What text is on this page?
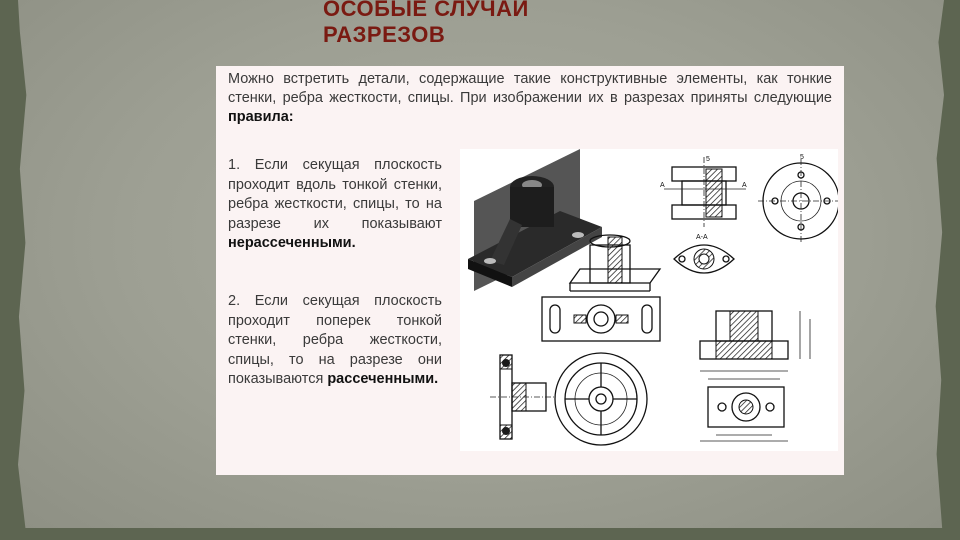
ОСОБЫЕ СЛУЧАИ
РАЗРЕЗОВ

Можно встретить детали, содержащие такие конструктивные элементы, как тонкие стенки, ребра жесткости, спицы. При изображении их в разрезах приняты следующие правила:

1. Если секущая плоскость проходит вдоль тонкой стенки, ребра жесткости, спицы, то на разрезе их показывают нерассеченными.

2. Если секущая плоскость проходит поперек тонкой стенки, ребра жесткости, спицы, то на разрезе они показываются рассеченными.

5
А	А
5
А-А
